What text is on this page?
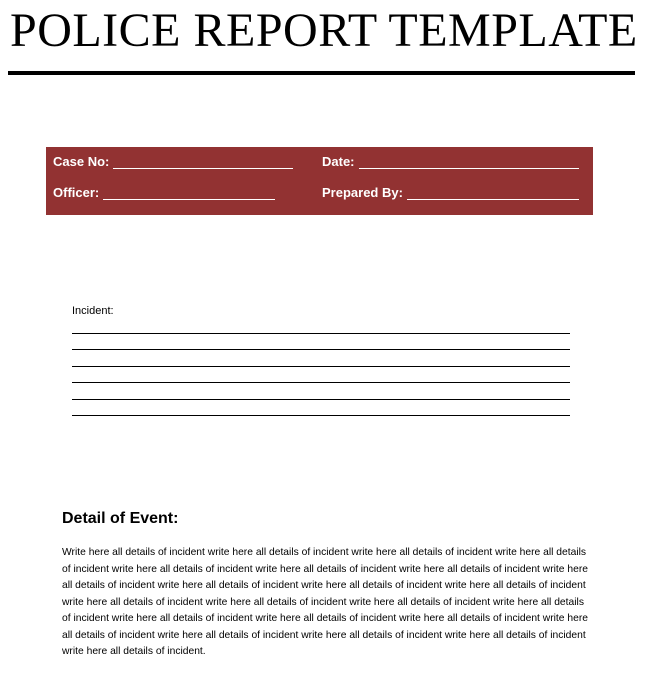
POLICE REPORT TEMPLATE
Case No:	Date:
Officer:	Prepared By:
Incident:
Detail of Event:

Write here all details of incident write here all details of incident write here all details of incident write here all details of incident write here all details of incident write here all details of incident write here all details of incident write here all details of incident write here all details of incident write here all details of incident write here all details of incident write here all details of incident write here all details of incident write here all details of incident write here all details of incident write here all details of incident write here all details of incident write here all details of incident write here all details of incident write here all details of incident write here all details of incident write here all details of incident write here all details of incident.
